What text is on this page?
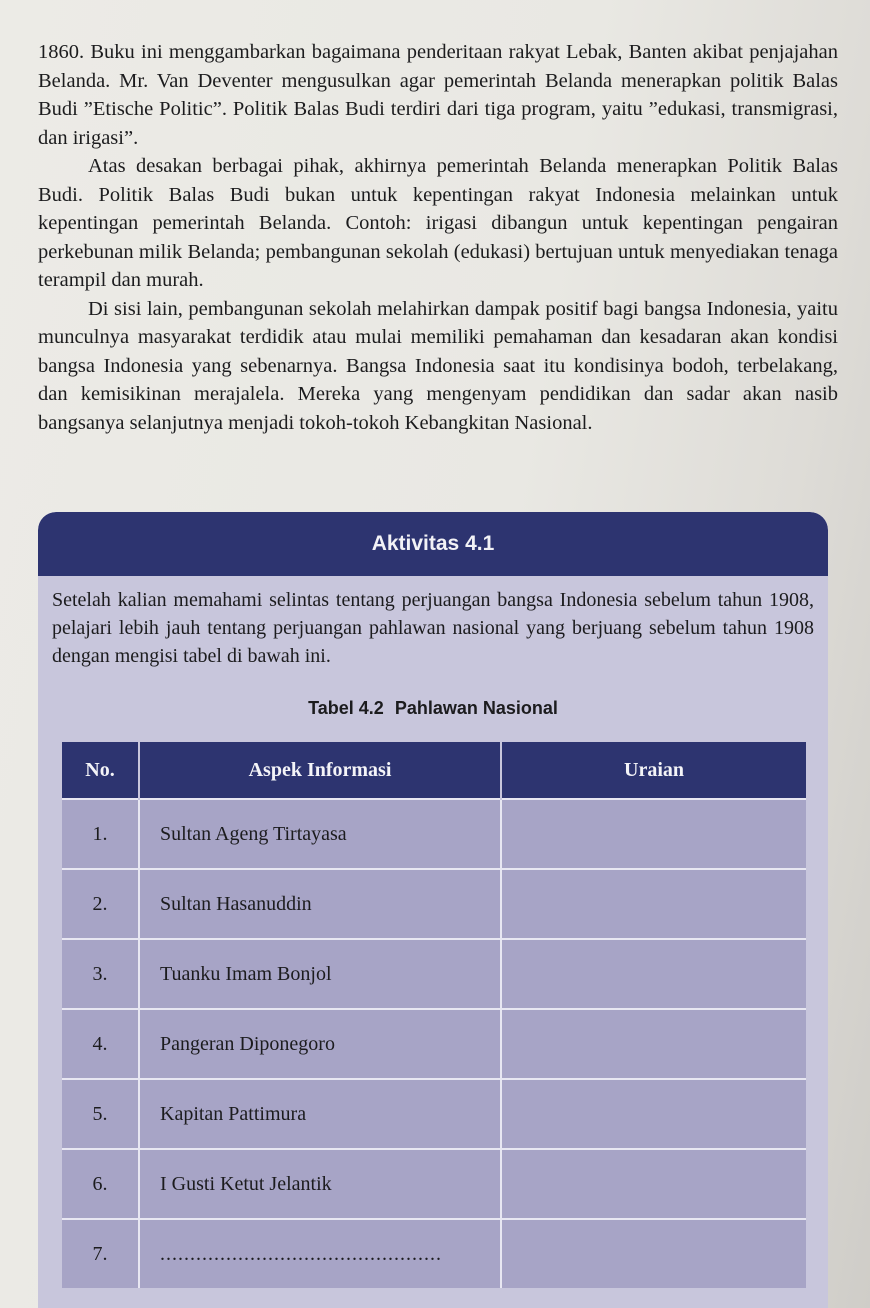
1860. Buku ini menggambarkan bagaimana penderitaan rakyat Lebak, Banten akibat penjajahan Belanda. Mr. Van Deventer mengusulkan agar pemerintah Belanda menerapkan politik Balas Budi ”Etische Politic”. Politik Balas Budi terdiri dari tiga program, yaitu ”edukasi, transmigrasi, dan irigasi”.

Atas desakan berbagai pihak, akhirnya pemerintah Belanda menerapkan Politik Balas Budi. Politik Balas Budi bukan untuk kepentingan rakyat Indonesia melainkan untuk kepentingan pemerintah Belanda. Contoh: irigasi dibangun untuk kepentingan pengairan perkebunan milik Belanda; pembangunan sekolah (edukasi) bertujuan untuk menyediakan tenaga terampil dan murah.

Di sisi lain, pembangunan sekolah melahirkan dampak positif bagi bangsa Indonesia, yaitu munculnya masyarakat terdidik atau mulai memiliki pemahaman dan kesadaran akan kondisi bangsa Indonesia yang sebenarnya. Bangsa Indonesia saat itu kondisinya bodoh, terbelakang, dan kemisikinan merajalela. Mereka yang mengenyam pendidikan dan sadar akan nasib bangsanya selanjutnya menjadi tokoh-tokoh Kebangkitan Nasional.

Aktivitas 4.1
Setelah kalian memahami selintas tentang perjuangan bangsa Indonesia sebelum tahun 1908, pelajari lebih jauh tentang perjuangan pahlawan nasional yang berjuang sebelum tahun 1908 dengan mengisi tabel di bawah ini.
Tabel 4.2 Pahlawan Nasional
No.	Aspek Informasi	Uraian
1.	Sultan Ageng Tirtayasa	
2.	Sultan Hasanuddin	
3.	Tuanku Imam Bonjol	
4.	Pangeran Diponegoro	
5.	Kapitan Pattimura	
6.	I Gusti Ketut Jelantik	
7.	...............................................	
